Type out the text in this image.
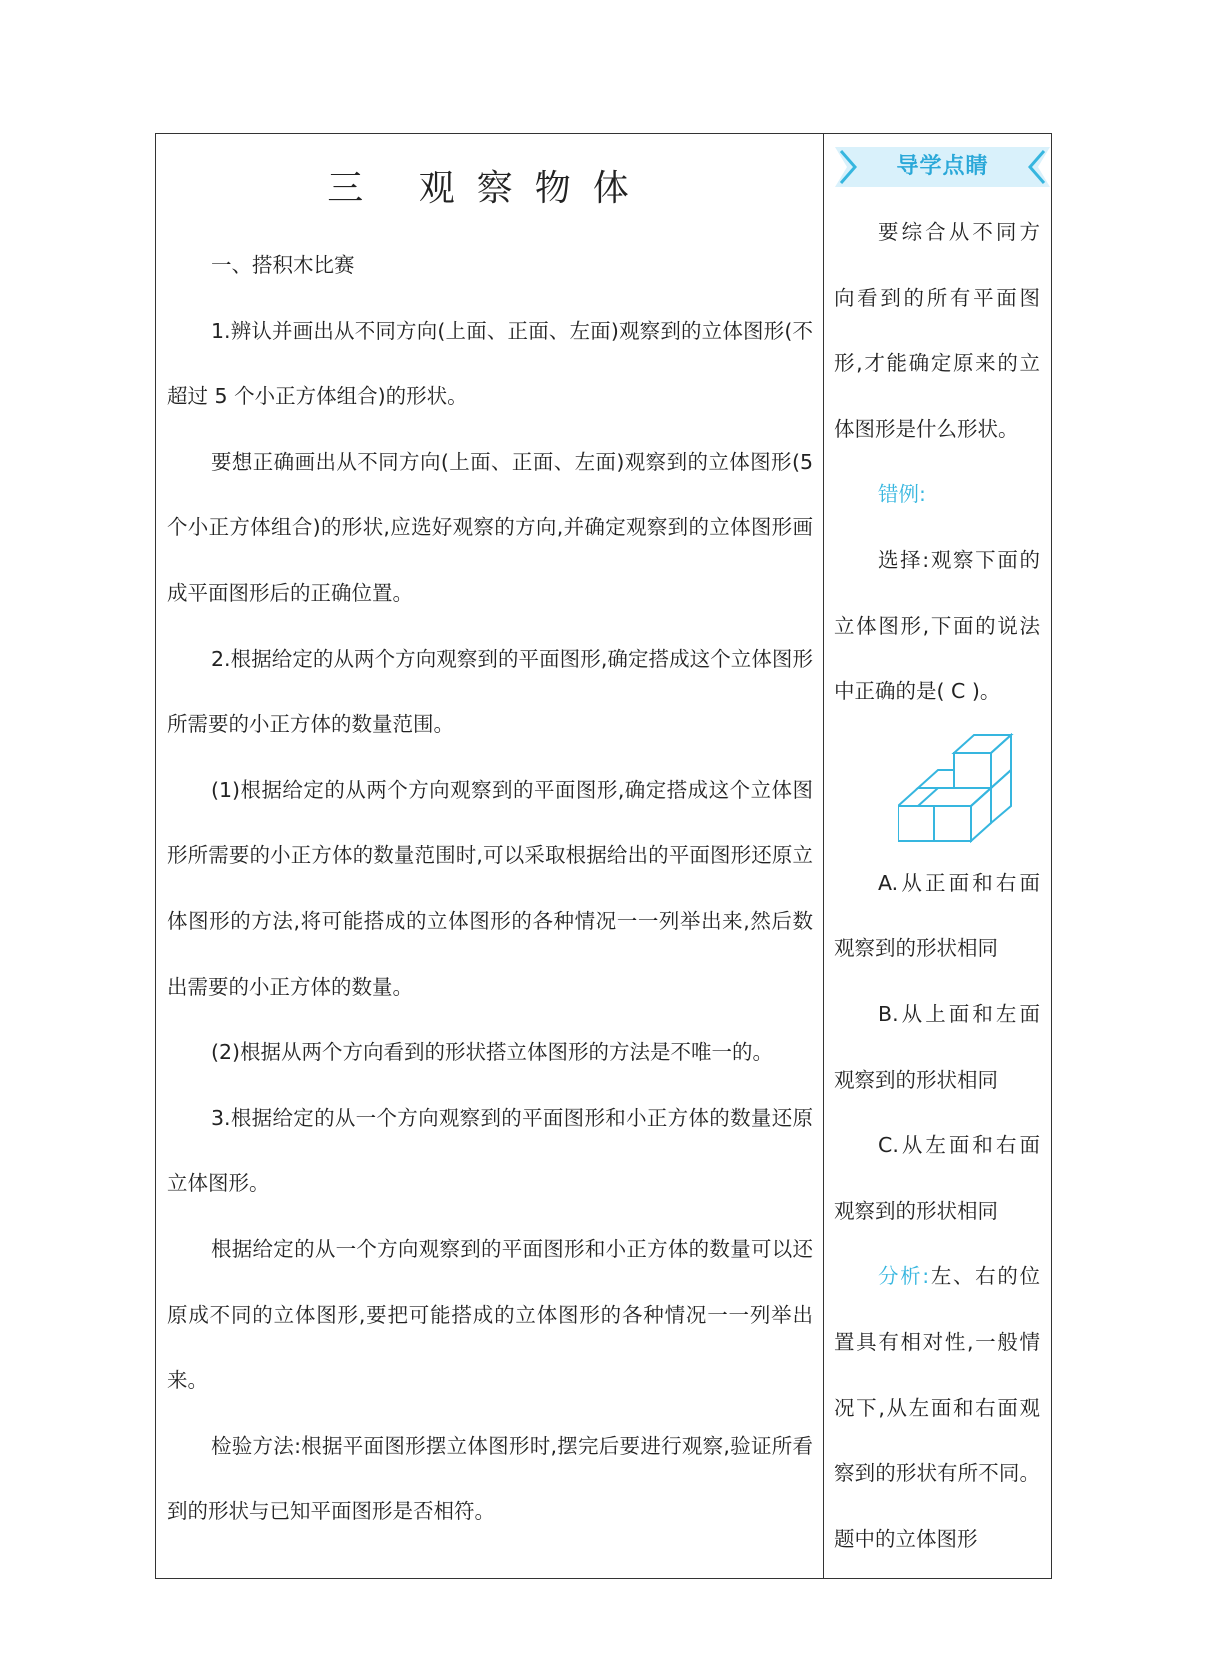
三 观察物体

一、搭积木比赛

1.辨认并画出从不同方向(上面、正面、左面)观察到的立体图形(不超过 5 个小正方体组合)的形状。

要想正确画出从不同方向(上面、正面、左面)观察到的立体图形(5 个小正方体组合)的形状,应选好观察的方向,并确定观察到的立体图形画成平面图形后的正确位置。

2.根据给定的从两个方向观察到的平面图形,确定搭成这个立体图形所需要的小正方体的数量范围。

(1)根据给定的从两个方向观察到的平面图形,确定搭成这个立体图形所需要的小正方体的数量范围时,可以采取根据给出的平面图形还原立体图形的方法,将可能搭成的立体图形的各种情况一一列举出来,然后数出需要的小正方体的数量。

(2)根据从两个方向看到的形状搭立体图形的方法是不唯一的。

3.根据给定的从一个方向观察到的平面图形和小正方体的数量还原立体图形。

根据给定的从一个方向观察到的平面图形和小正方体的数量可以还原成不同的立体图形,要把可能搭成的立体图形的各种情况一一列举出来。

检验方法:根据平面图形摆立体图形时,摆完后要进行观察,验证所看到的形状与已知平面图形是否相符。

导学点睛

要综合从不同方向看到的所有平面图形,才能确定原来的立体图形是什么形状。

错例:

选择:观察下面的立体图形,下面的说法中正确的是( C )。

A.从正面和右面观察到的形状相同

B.从上面和左面观察到的形状相同

C.从左面和右面观察到的形状相同

分析:左、右的位置具有相对性,一般情况下,从左面和右面观察到的形状有所不同。题中的立体图形
